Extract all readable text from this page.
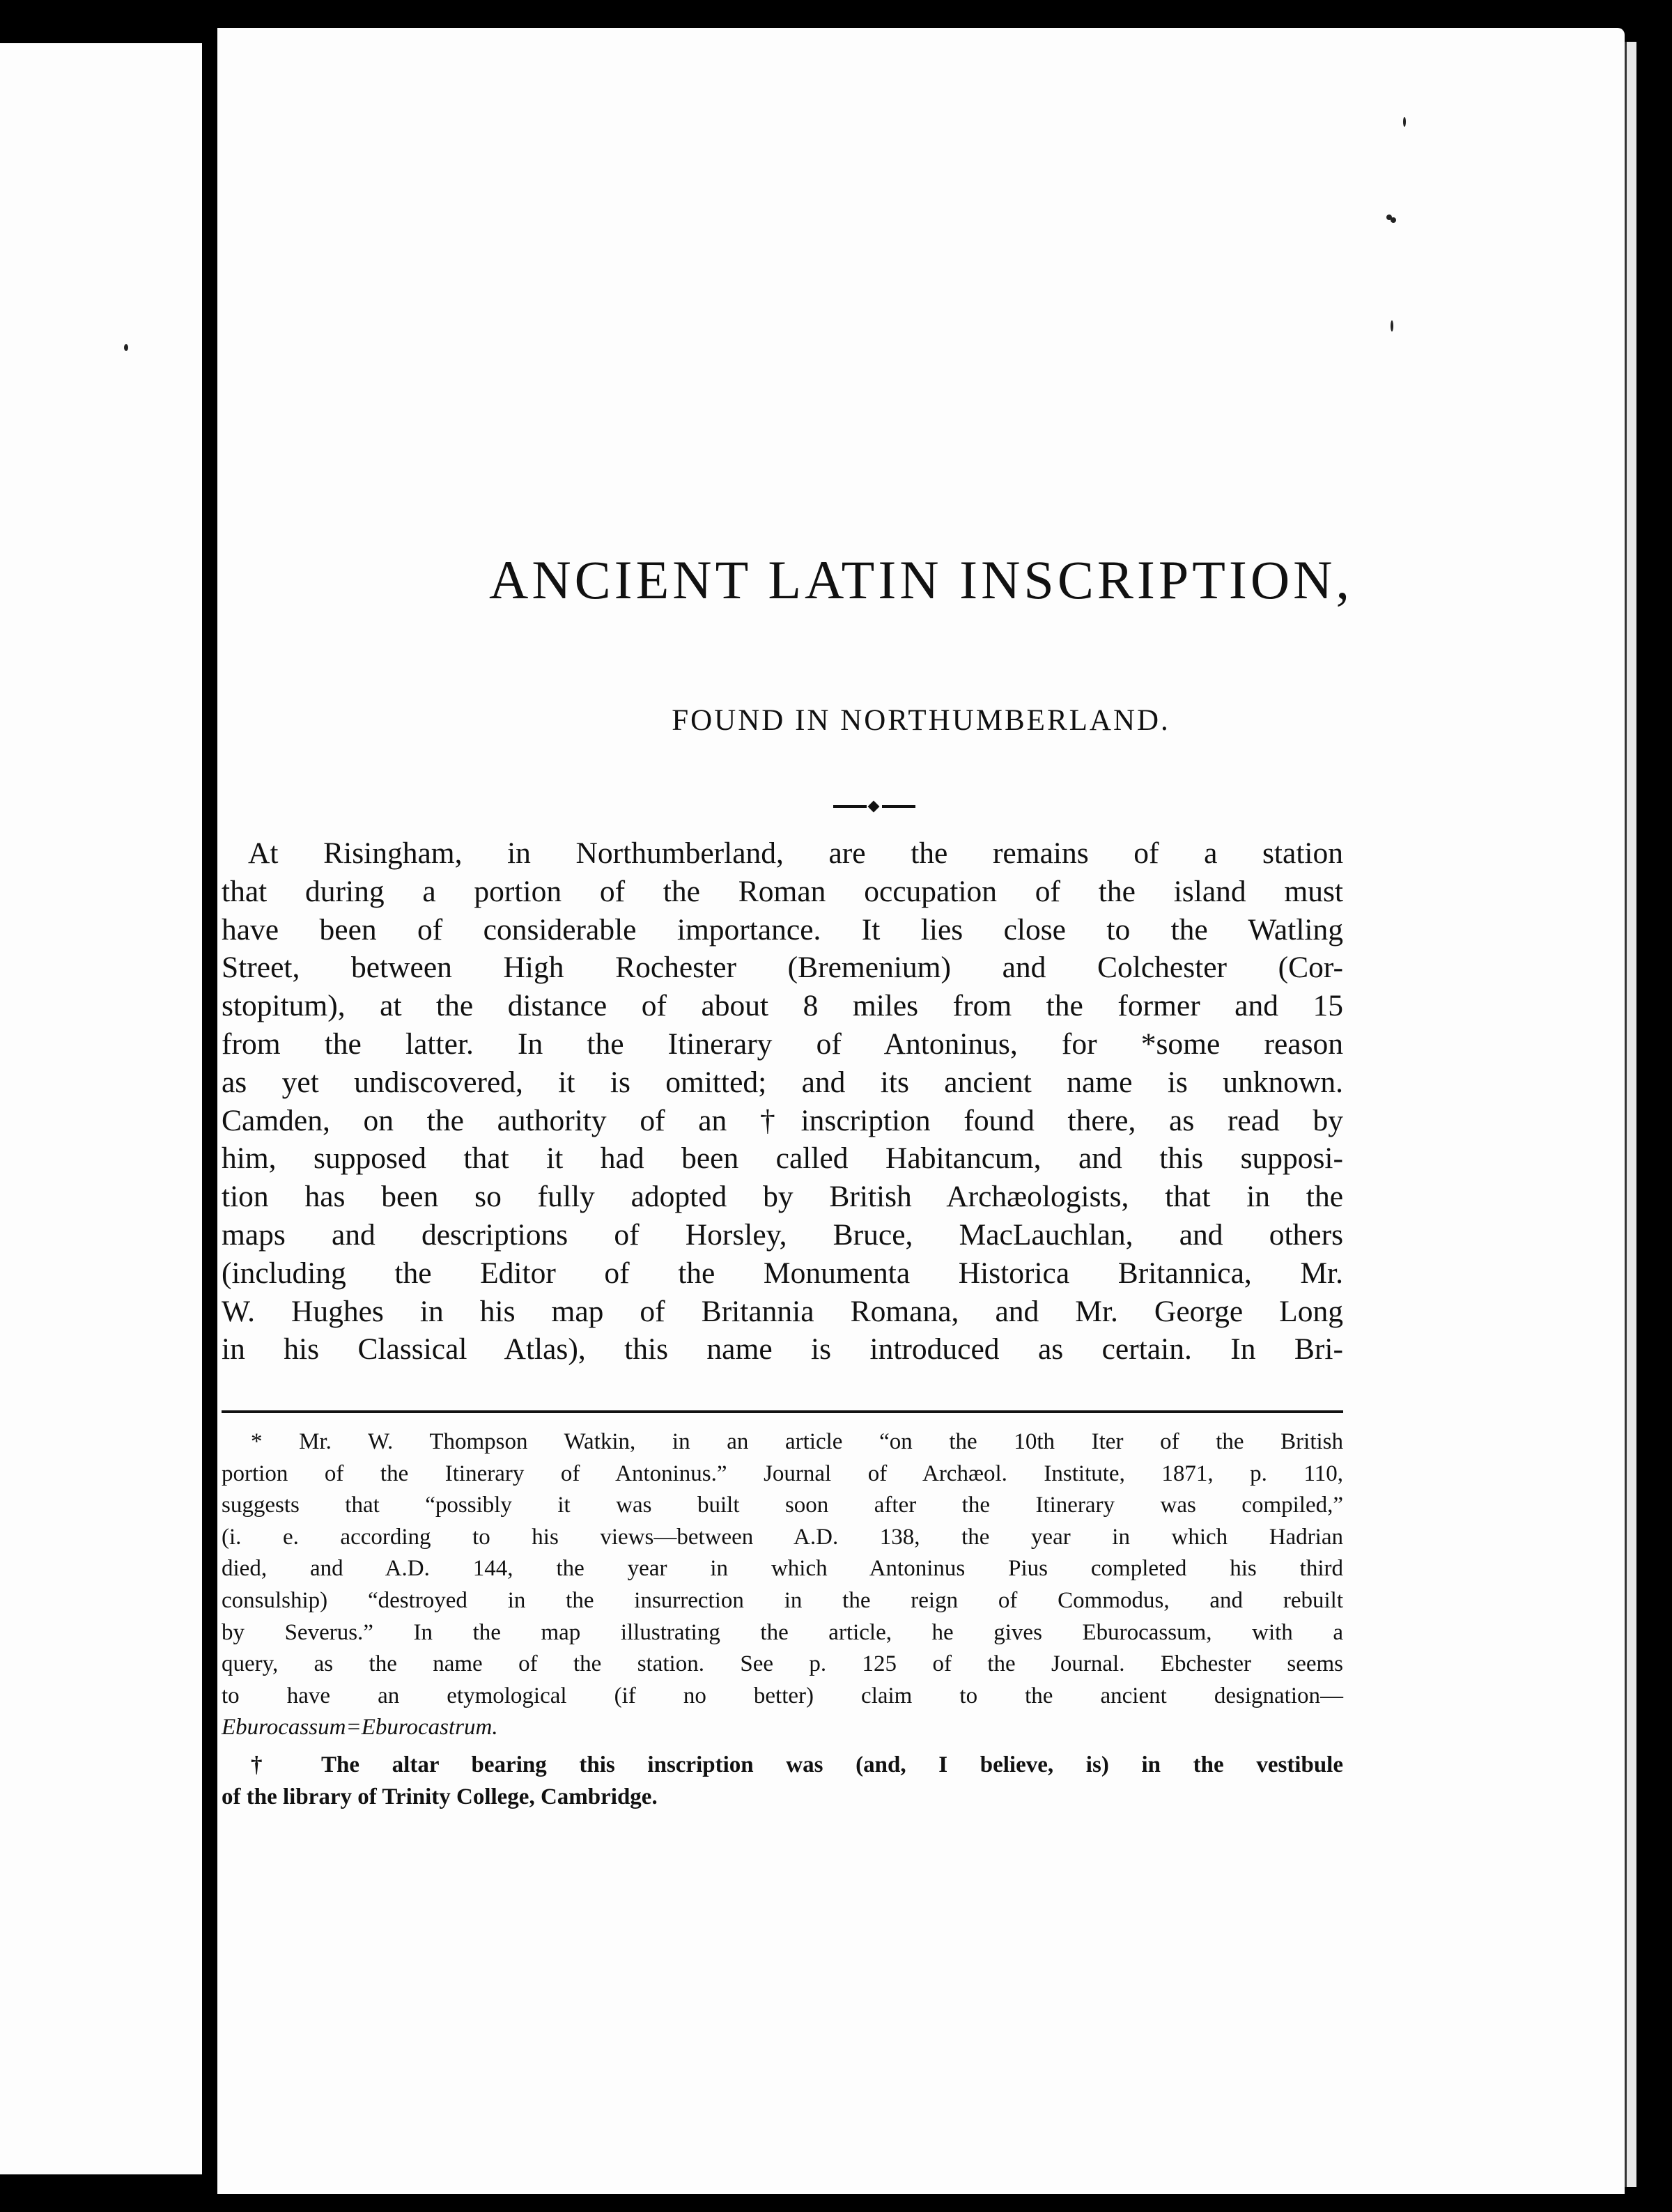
ANCIENT LATIN INSCRIPTION,
FOUND IN NORTHUMBERLAND.
At Risingham, in Northumberland, are the remains of a station
that during a portion of the Roman occupation of the island must
have been of considerable importance. It lies close to the Watling
Street, between High Rochester (Bremenium) and Colchester (Cor-
stopitum), at the distance of about 8 miles from the former and 15
from the latter. In the Itinerary of Antoninus, for *some reason
as yet undiscovered, it is omitted; and its ancient name is unknown.
Camden, on the authority of an †inscription found there, as read by
him, supposed that it had been called Habitancum, and this supposi-
tion has been so fully adopted by British Archæologists, that in the
maps and descriptions of Horsley, Bruce, MacLauchlan, and others
(including the Editor of the Monumenta Historica Britannica, Mr.
W. Hughes in his map of Britannia Romana, and Mr. George Long
in his Classical Atlas), this name is introduced as certain. In Bri-
* Mr. W. Thompson Watkin, in an article “on the 10th Iter of the British
portion of the Itinerary of Antoninus.” Journal of Archæol. Institute, 1871, p. 110,
suggests that “possibly it was built soon after the Itinerary was compiled,”
(i. e. according to his views—between A.D. 138, the year in which Hadrian
died, and A.D. 144, the year in which Antoninus Pius completed his third
consulship) “destroyed in the insurrection in the reign of Commodus, and rebuilt
by Severus.” In the map illustrating the article, he gives Eburocassum, with a
query, as the name of the station. See p. 125 of the Journal. Ebchester seems
to have an etymological (if no better) claim to the ancient designation—
Eburocassum=Eburocastrum.
† The altar bearing this inscription was (and, I believe, is) in the vestibule
of the library of Trinity College, Cambridge.
